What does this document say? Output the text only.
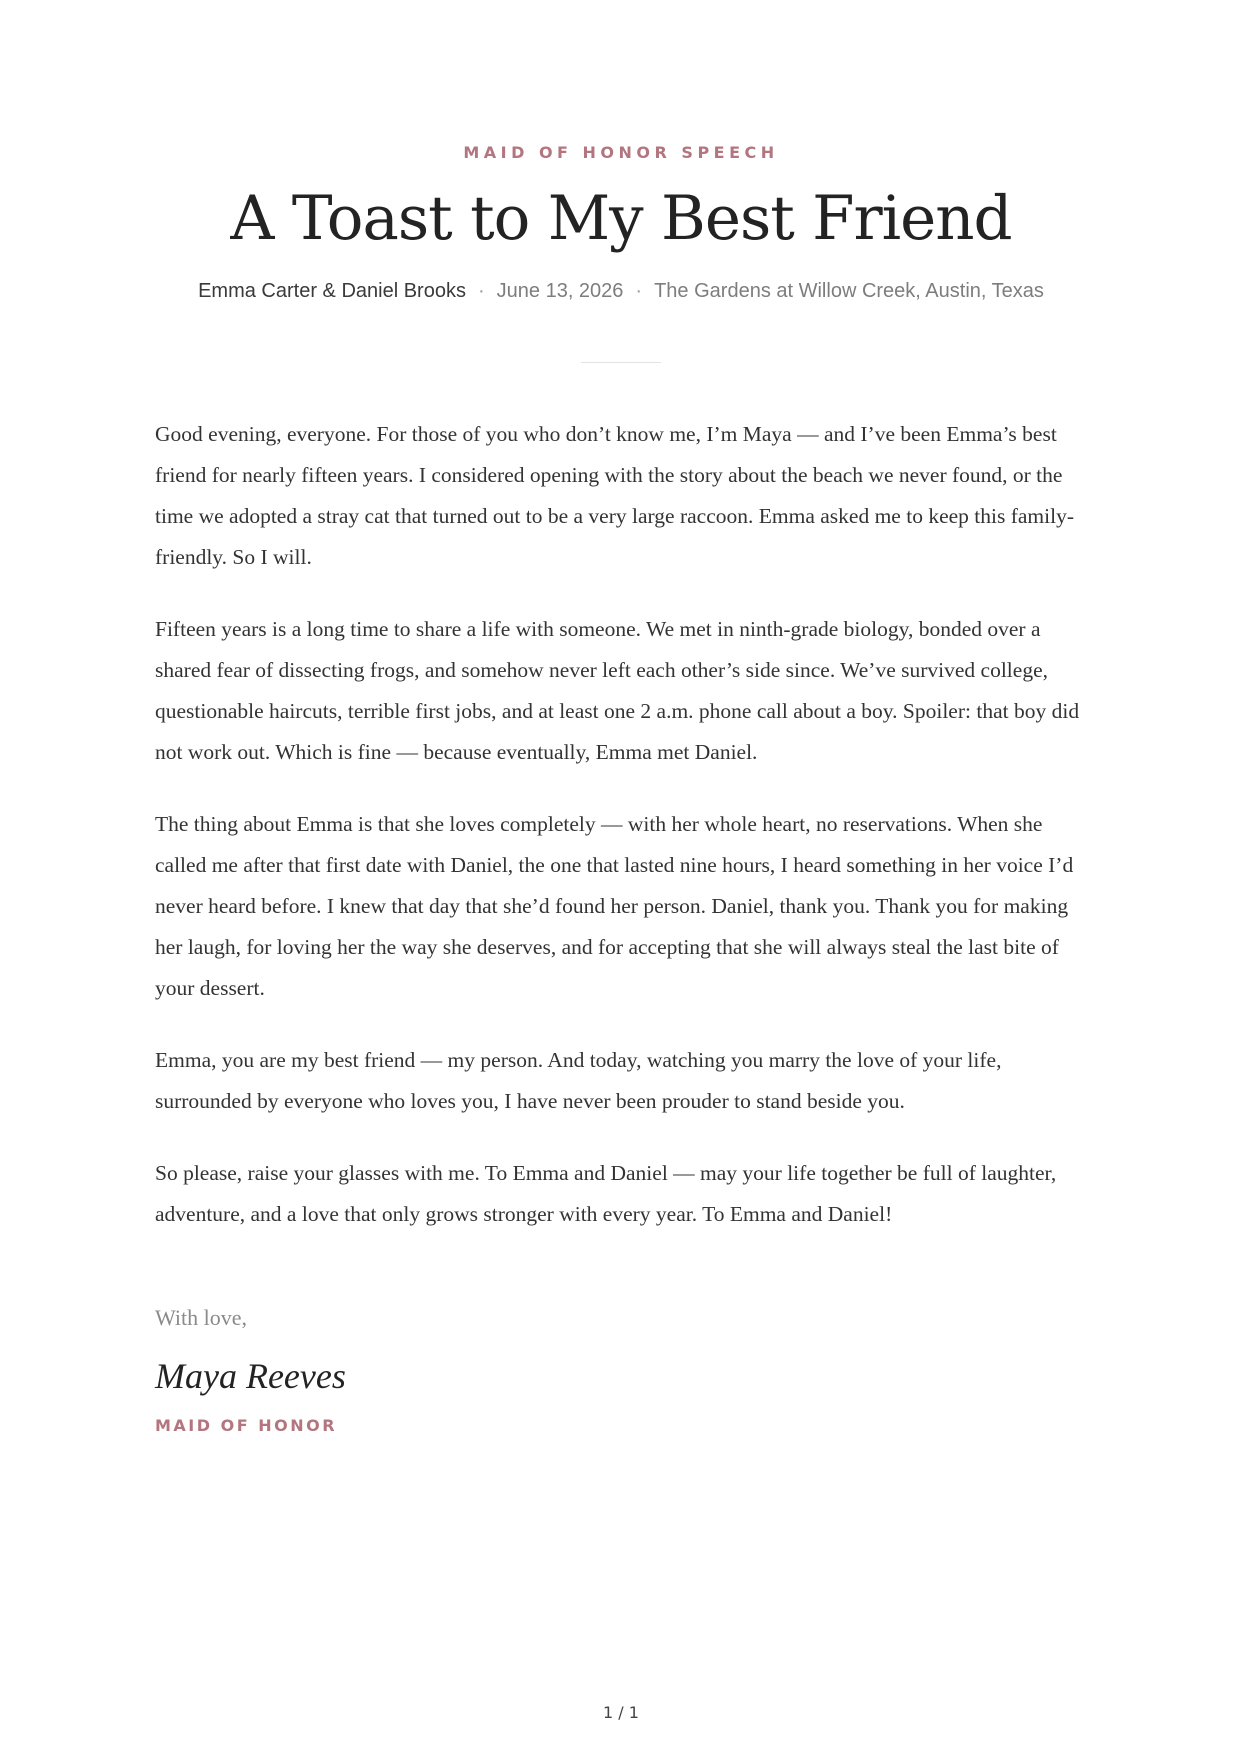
MAID OF HONOR SPEECH
A Toast to My Best Friend
Emma Carter & Daniel Brooks · June 13, 2026 · The Gardens at Willow Creek, Austin, Texas

Good evening, everyone. For those of you who don’t know me, I’m Maya — and I’ve been Emma’s best friend for nearly fifteen years. I considered opening with the story about the beach we never found, or the time we adopted a stray cat that turned out to be a very large raccoon. Emma asked me to keep this family-friendly. So I will.

Fifteen years is a long time to share a life with someone. We met in ninth-grade biology, bonded over a shared fear of dissecting frogs, and somehow never left each other’s side since. We’ve survived college, questionable haircuts, terrible first jobs, and at least one 2 a.m. phone call about a boy. Spoiler: that boy did not work out. Which is fine — because eventually, Emma met Daniel.

The thing about Emma is that she loves completely — with her whole heart, no reservations. When she called me after that first date with Daniel, the one that lasted nine hours, I heard something in her voice I’d never heard before. I knew that day that she’d found her person. Daniel, thank you. Thank you for making her laugh, for loving her the way she deserves, and for accepting that she will always steal the last bite of your dessert.

Emma, you are my best friend — my person. And today, watching you marry the love of your life, surrounded by everyone who loves you, I have never been prouder to stand beside you.

So please, raise your glasses with me. To Emma and Daniel — may your life together be full of laughter, adventure, and a love that only grows stronger with every year. To Emma and Daniel!

With love,
Maya Reeves
MAID OF HONOR
1 / 1
